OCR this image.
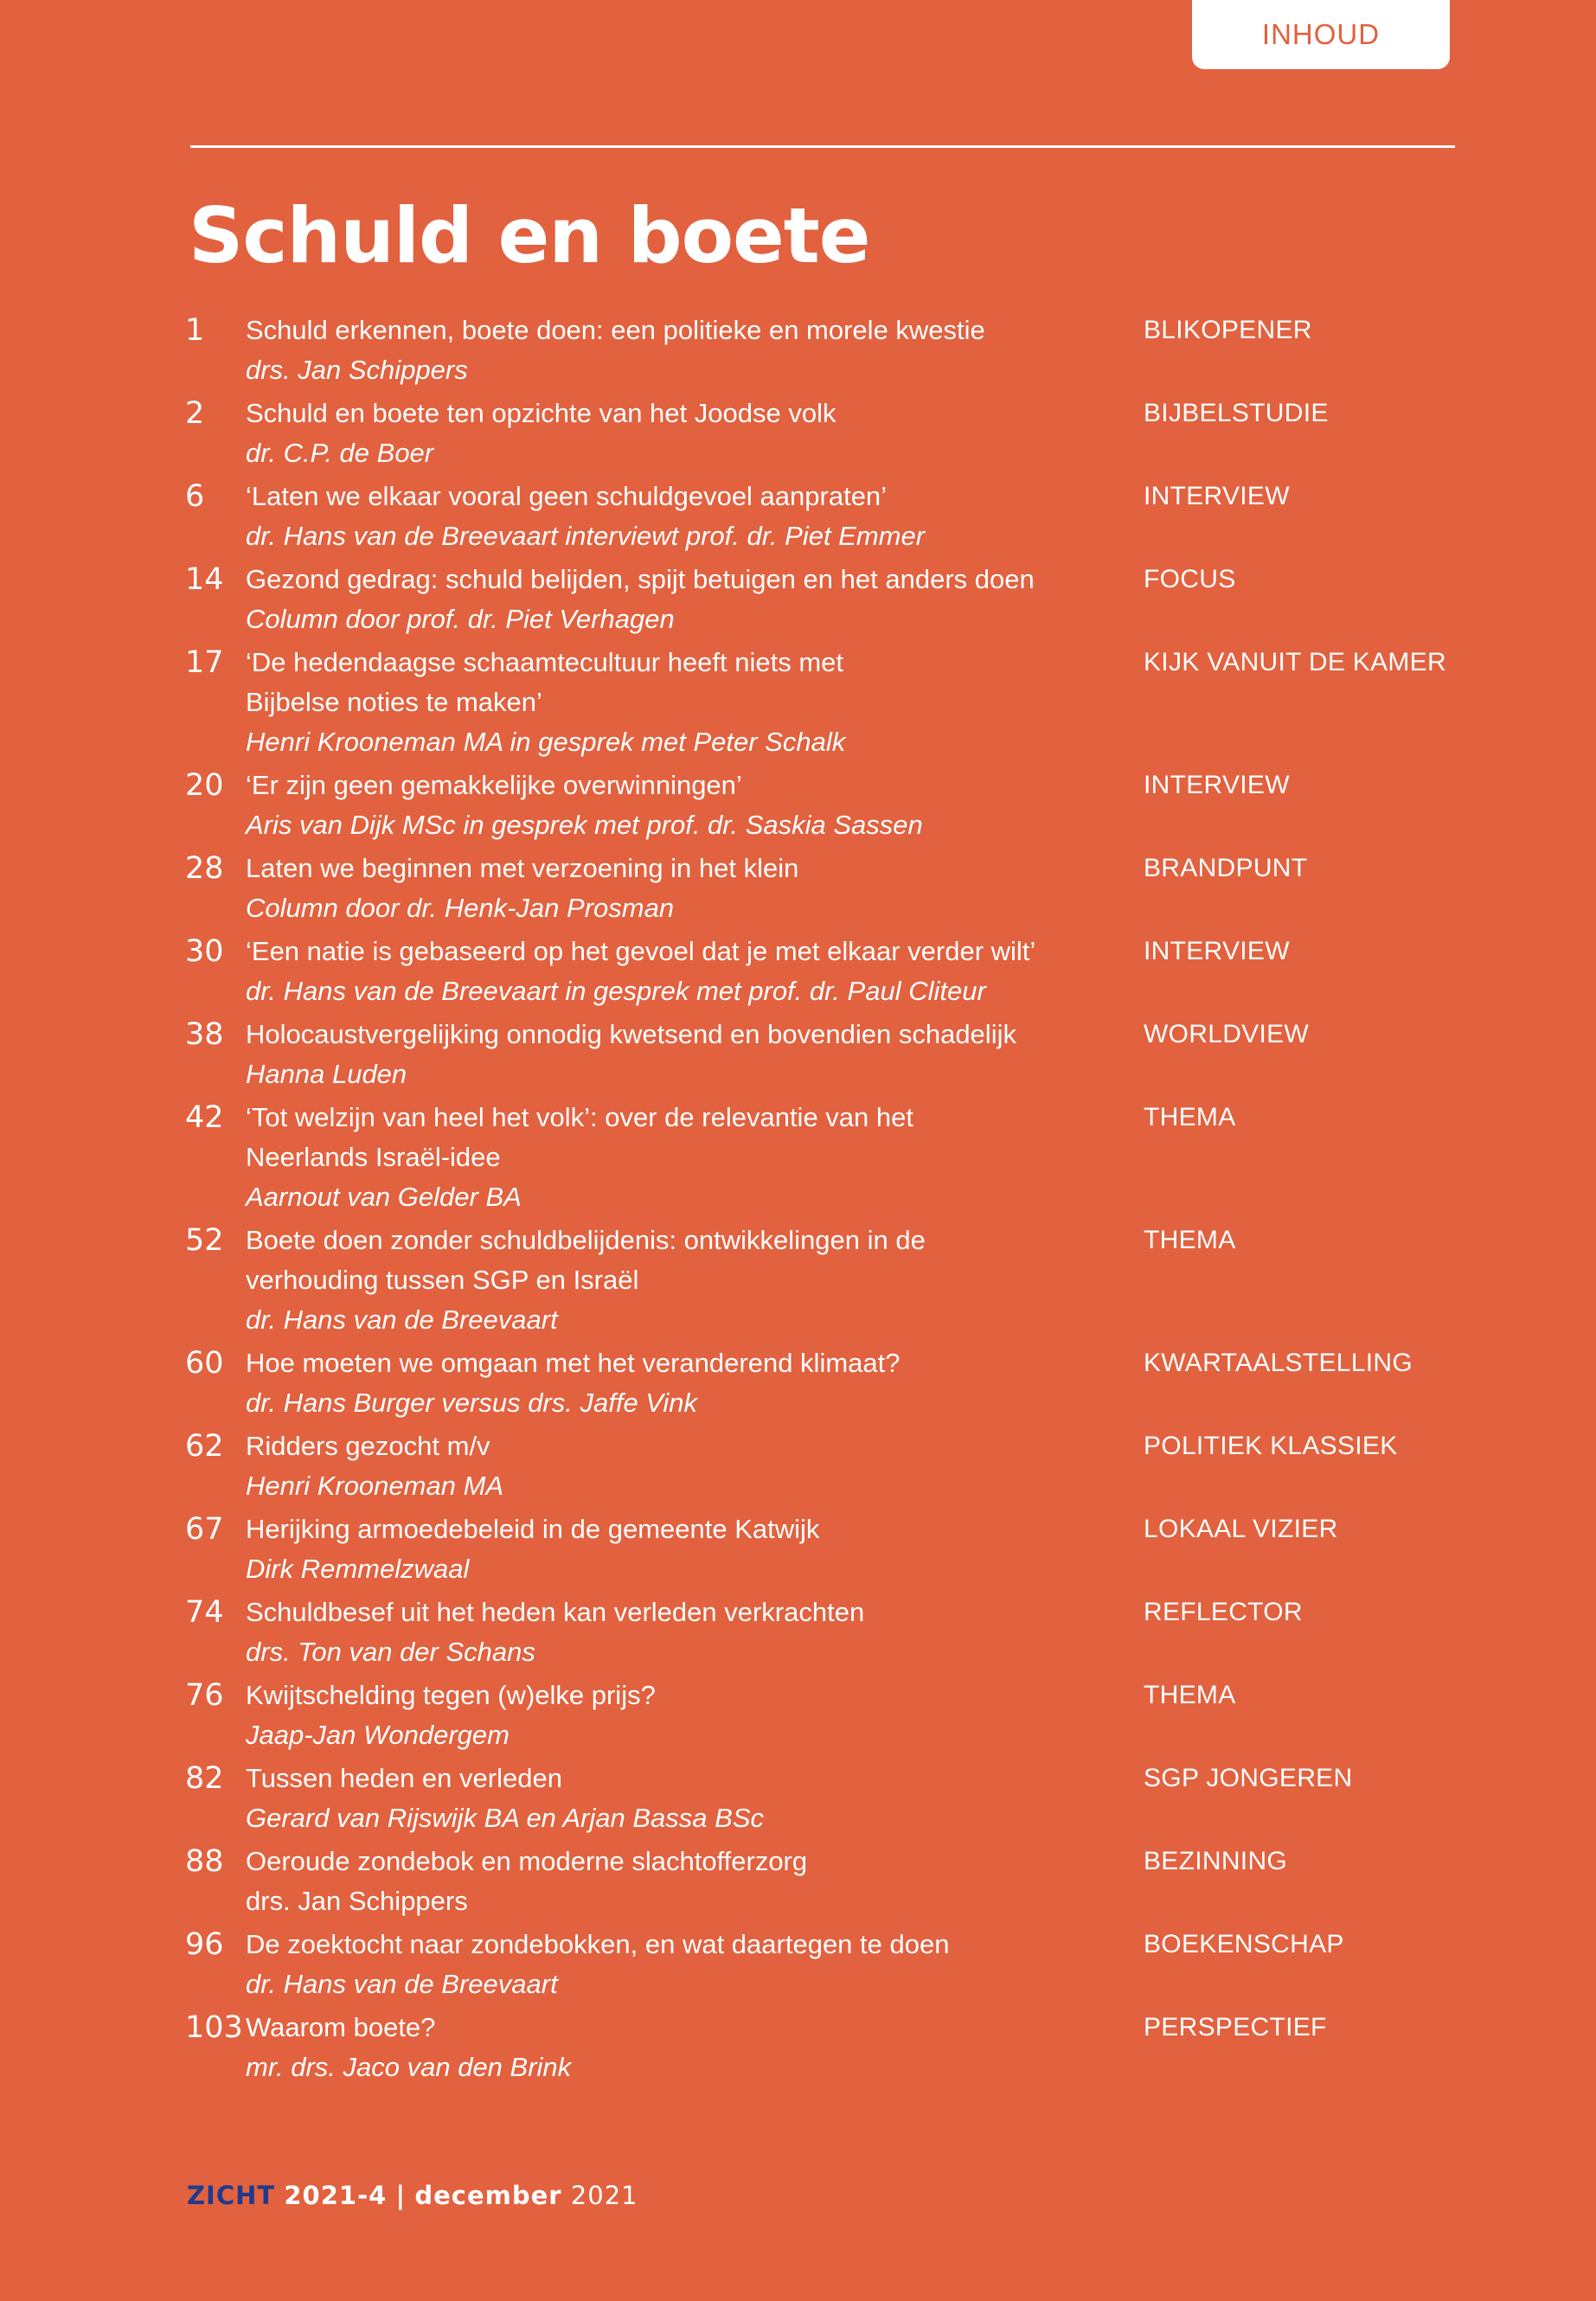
INHOUD
Schuld en boete
1	Schuld erkennen, boete doen: een politieke en morele kwestie
drs. Jan Schippers
BLIKOPENER
2	Schuld en boete ten opzichte van het Joodse volk
dr. C.P. de Boer
BIJBELSTUDIE
6	‘Laten we elkaar vooral geen schuldgevoel aanpraten’
dr. Hans van de Breevaart interviewt prof. dr. Piet Emmer
INTERVIEW
14 Gezond gedrag: schuld belijden, spijt betuigen en het anders doen
Column door prof. dr. Piet Verhagen
FOCUS
17 ‘De hedendaagse schaamtecultuur heeft niets met
Bijbelse noties te maken’
Henri Krooneman MA in gesprek met Peter Schalk
KIJK VANUIT DE KAMER
20 ‘Er zijn geen gemakkelijke overwinningen’
Aris van Dijk MSc in gesprek met prof. dr. Saskia Sassen
INTERVIEW
28 Laten we beginnen met verzoening in het klein
Column door dr. Henk-Jan Prosman
BRANDPUNT
30 ‘Een natie is gebaseerd op het gevoel dat je met elkaar verder wilt’
dr. Hans van de Breevaart in gesprek met prof. dr. Paul Cliteur
INTERVIEW
38 Holocaustvergelijking onnodig kwetsend en bovendien schadelijk
Hanna Luden
WORLDVIEW
42 ‘Tot welzijn van heel het volk’: over de relevantie van het
Neerlands Israël-idee
Aarnout van Gelder BA
THEMA
52 Boete doen zonder schuldbelijdenis: ontwikkelingen in de
verhouding tussen SGP en Israël
dr. Hans van de Breevaart
THEMA
60 Hoe moeten we omgaan met het veranderend klimaat?
dr. Hans Burger versus drs. Jaffe Vink
KWARTAALSTELLING
62 Ridders gezocht m/v
Henri Krooneman MA
POLITIEK KLASSIEK
67 Herijking armoedebeleid in de gemeente Katwijk
Dirk Remmelzwaal
LOKAAL VIZIER
74 Schuldbesef uit het heden kan verleden verkrachten
drs. Ton van der Schans
REFLECTOR
76 Kwijtschelding tegen (w)elke prijs?
Jaap-Jan Wondergem
THEMA
82 Tussen heden en verleden
Gerard van Rijswijk BA en Arjan Bassa BSc
SGP JONGEREN
88 Oeroude zondebok en moderne slachtofferzorg
drs. Jan Schippers
BEZINNING
96 De zoektocht naar zondebokken, en wat daartegen te doen
dr. Hans van de Breevaart
BOEKENSCHAP
103 Waarom boete?
mr. drs. Jaco van den Brink
PERSPECTIEF
ZICHT 2021-4 | december 2021
